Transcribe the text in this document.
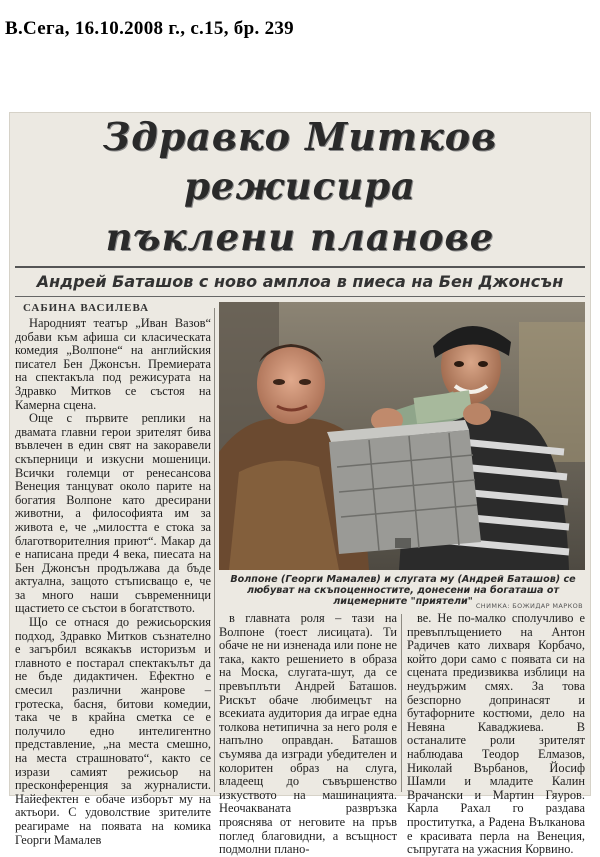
В.Сега, 16.10.2008 г., с.15, бр. 239
Здравко Митков
режисира
пъклени планове
Андрей Баташов с ново амплоа в пиеса на Бен Джонсън
САБИНА ВАСИЛЕВА

Народният театър „Иван Вазов“ добави към афиша си класическата комедия „Волпоне“ на английския писател Бен Джонсън. Премиерата на спектакъла под режисурата на Здравко Митков се състоя на Камерна сцена.

Още с първите реплики на двамата главни герои зрителят бива въвлечен в един свят на закоравели скъперници и изкусни мошеници. Всички големци от ренесансова Венеция танцуват около парите на богатия Волпоне като дресирани животни, а философията им за живота е, че „милостта е стока за благотворителния приют“. Макар да е написана преди 4 века, пиесата на Бен Джонсън продължава да бъде актуална, защото стъписващо е, че за много наши съвременници щастието се състои в богатството.

Що се отнася до режисьорския подход, Здравко Митков съзнателно е загърбил всякакъв историзъм и главното е постарал спектакълът да не бъде дидактичен. Ефектно е смесил различни жанрове – гротеска, басня, битови комедии, така че в крайна сметка се е получило едно интелигентно представление, „на места смешно, на места страшновато“, както се изрази самият режисьор на пресконференция за журналисти. Найефектен е обаче изборът му на актьори. С удоволствие зрителите реагираме на появата на комика Георги Мамалев

Волпоне (Георги Мамалев) и слугата му (Андрей Баташов) се любуват на скъпоценностите, донесени на богаташа от лицемерните "приятели" СНИМКА: БОЖИДАР МАРКОВ

в главната роля – тази на Волпоне (тоест лисицата). Ти обаче не ни изненада или поне не така, както решението в образа на Моска, слугата-шут, да се превъплъти Андрей Баташов. Рискът обаче любимецът на всекиата аудитория да играе една толкова нетипична за него роля е напълно оправдан. Баташов съумява да изгради убедителен и колоритен образ на слуга, владеещ до съвършенство изкуството на машинацията. Неочакваната развръзка прояснява от неговите на пръв поглед благовидни, а всъщност подмолни плано-

ве. Не по-малко сполучливо е превъплъщението на Антон Радичев като лихваря Корбачо, който дори само с появата си на сцената предизвиква изблици на неудържим смях. За това безспорно допринасят и бутафорните костюми, дело на Невяна Каваджиева. В останалите роли зрителят наблюдава Теодор Елмазов, Николай Върбанов, Йосиф Шамли и младите Калин Врачански и Мартин Гяуров. Карла Рахал го раздава проститутка, а Радена Вълканова е красивата перла на Венеция, съпругата на ужасния Корвино.
